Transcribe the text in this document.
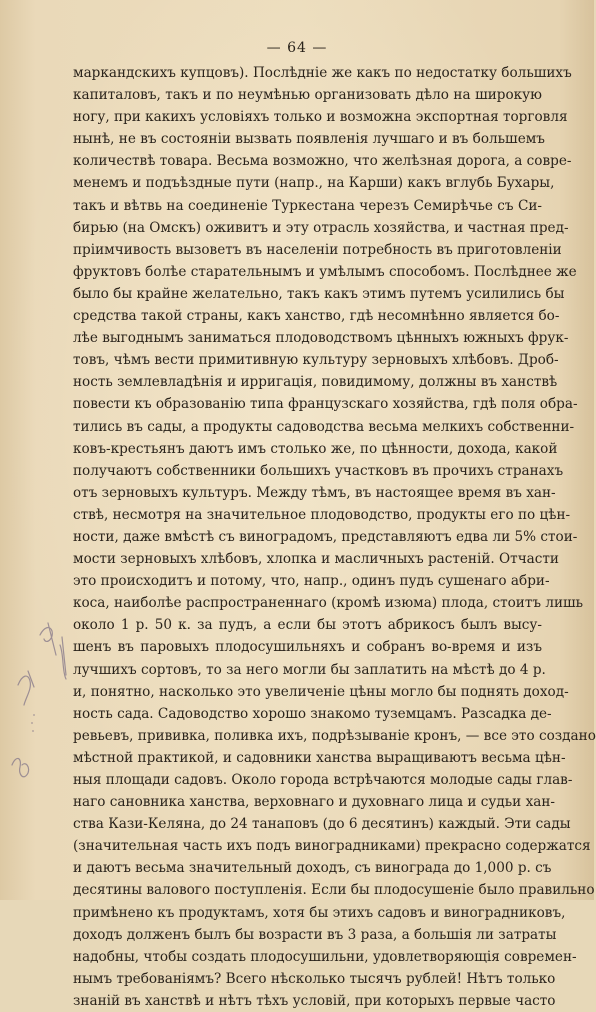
— 64 —
маркандскихъ купцовъ). Послѣднiе же какъ по недостатку большихъ
капиталовъ, такъ и по неумѣнью организовать дѣло на широкую
ногу, при какихъ условiяхъ только и возможна экспортная торговля
нынѣ, не въ состоянiи вызвать появленiя лучшаго и въ большемъ
количествѣ товара. Весьма возможно, что желѣзная дорога, а совре-
менемъ и подъѣздные пути (напр., на Карши) какъ вглубь Бухары,
такъ и вѣтвь на соединенiе Туркестана черезъ Семирѣчье съ Си-
бирью (на Омскъ) оживитъ и эту отрасль хозяйства, и частная пред-
прiимчивость вызоветъ въ населенiи потребность въ приготовленiи
фруктовъ болѣе старательнымъ и умѣлымъ способомъ. Послѣднее же
было бы крайне желательно, такъ какъ этимъ путемъ усилились бы
средства такой страны, какъ ханство, гдѣ несомнѣнно является бо-
лѣе выгоднымъ заниматься плодоводствомъ цѣнныхъ южныхъ фрук-
товъ, чѣмъ вести примитивную культуру зерновыхъ хлѣбовъ. Дроб-
ность землевладѣнiя и ирригацiя, повидимому, должны въ ханствѣ
повести къ образованiю типа французскаго хозяйства, гдѣ поля обра-
тились въ сады, а продукты садоводства весьма мелкихъ собственни-
ковъ-крестьянъ даютъ имъ столько же, по цѣнности, дохода, какой
получаютъ собственники большихъ участковъ въ прочихъ странахъ
отъ зерновыхъ культуръ. Между тѣмъ, въ настоящее время въ хан-
ствѣ, несмотря на значительное плодоводство, продукты его по цѣн-
ности, даже вмѣстѣ съ виноградомъ, представляютъ едва ли 5% стои-
мости зерновыхъ хлѣбовъ, хлопка и масличныхъ растенiй. Отчасти
это происходитъ и потому, что, напр., одинъ пудъ сушенаго абри-
коса, наиболѣе распространеннаго (кромѣ изюма) плода, стоитъ лишь
около 1 р. 50 к. за пудъ, а если бы этотъ абрикосъ былъ высу-
шенъ въ паровыхъ плодосушильняхъ и собранъ во-время и изъ
лучшихъ сортовъ, то за него могли бы заплатить на мѣстѣ до 4 р.
и, понятно, насколько это увеличенiе цѣны могло бы поднять доход-
ность сада. Садоводство хорошо знакомо туземцамъ. Разсадка де-
ревьевъ, прививка, поливка ихъ, подрѣзыванiе кронъ, — все это создано
мѣстной практикой, и садовники ханства выращиваютъ весьма цѣн-
ныя площади садовъ. Около города встрѣчаются молодые сады глав-
наго сановника ханства, верховнаго и духовнаго лица и судьи хан-
ства Кази-Келяна, до 24 танаповъ (до 6 десятинъ) каждый. Эти сады
(значительная часть ихъ подъ виноградниками) прекрасно содержатся
и даютъ весьма значительный доходъ, съ винограда до 1,000 р. съ
десятины валового поступленiя. Если бы плодосушенiе было правильно
примѣнено къ продуктамъ, хотя бы этихъ садовъ и виноградниковъ,
доходъ долженъ былъ бы возрасти въ 3 раза, а большiя ли затраты
надобны, чтобы создать плодосушильни, удовлетворяющiя современ-
нымъ требованiямъ? Всего нѣсколько тысячъ рублей! Нѣтъ только
знанiй въ ханствѣ и нѣтъ тѣхъ условiй, при которыхъ первые часто
